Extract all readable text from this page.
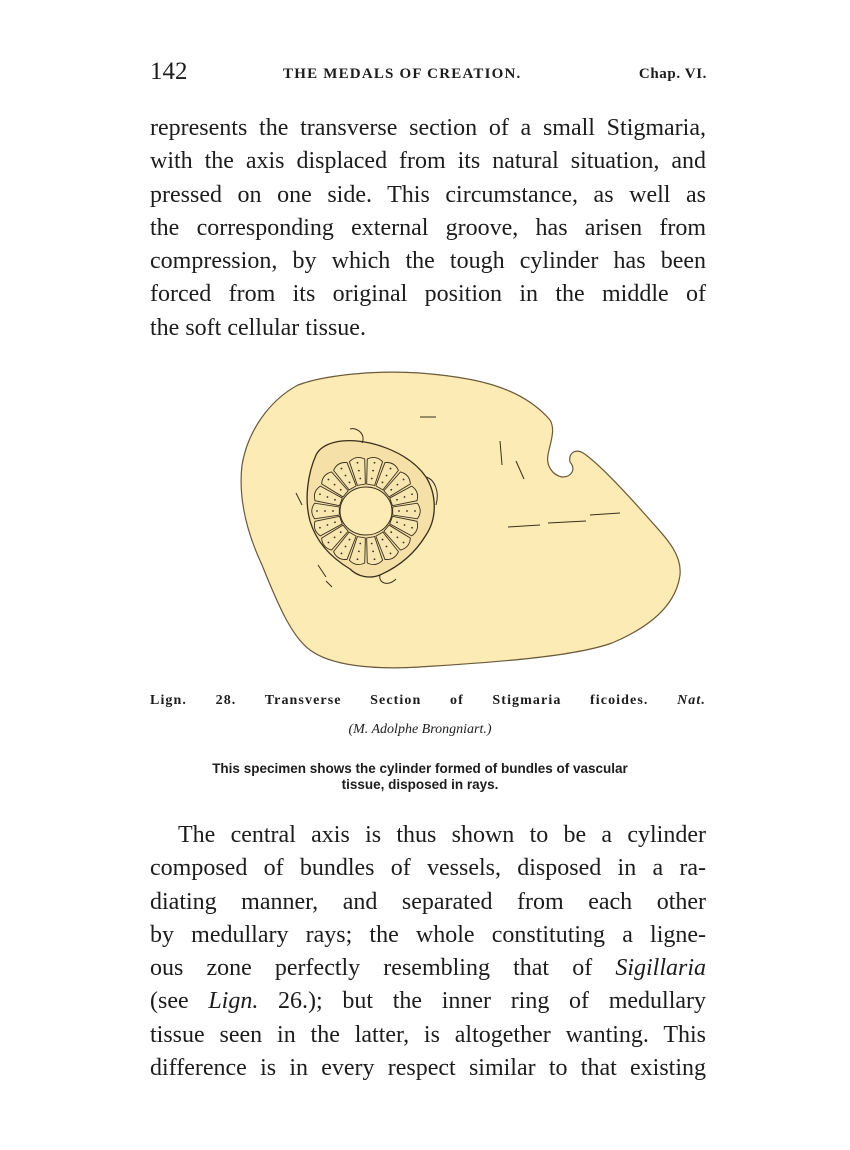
142	THE MEDALS OF CREATION.	Chap. VI.
represents the transverse section of a small Stigmaria,
with the axis displaced from its natural situation, and
pressed on one side. This circumstance, as well as
the corresponding external groove, has arisen from
compression, by which the tough cylinder has been
forced from its original position in the middle of
the soft cellular tissue.
Lign. 28. Transverse Section of Stigmaria ficoides. Nat.
(M. Adolphe Brongniart.)
This specimen shows the cylinder formed of bundles of vascular
tissue, disposed in rays.
The central axis is thus shown to be a cylinder
composed of bundles of vessels, disposed in a ra-
diating manner, and separated from each other
by medullary rays; the whole constituting a ligne-
ous zone perfectly resembling that of Sigillaria
(see Lign. 26.); but the inner ring of medullary
tissue seen in the latter, is altogether wanting. This
difference is in every respect similar to that existing
